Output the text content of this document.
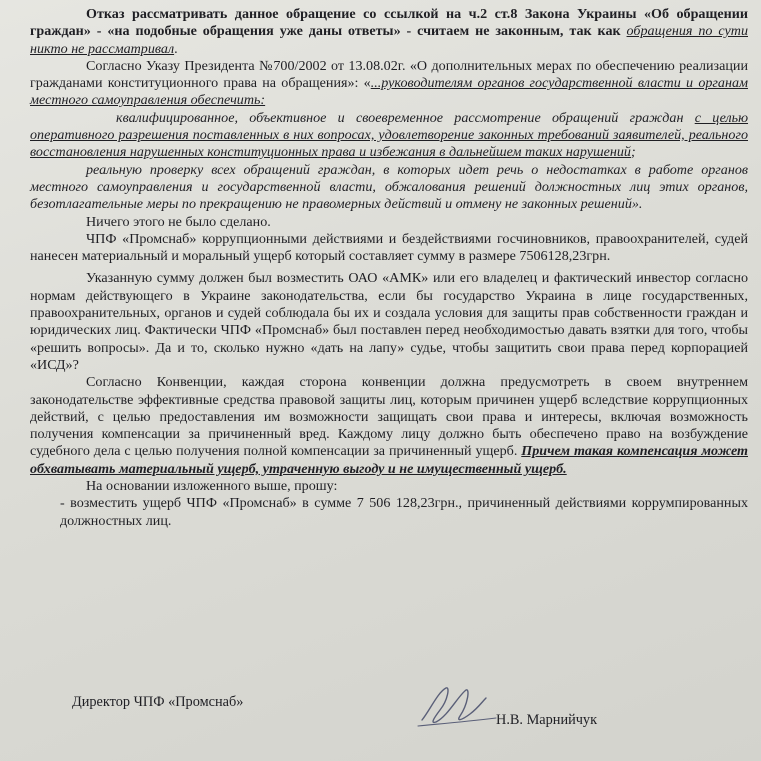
Отказ рассматривать данное обращение со ссылкой на ч.2 ст.8 Закона Украины «Об обращении граждан» - «на подобные обращения уже даны ответы» - считаем не законным, так как обращения по сути никто не рассматривал.

Согласно Указу Президента №700/2002 от 13.08.02г. «О дополнительных мерах по обеспечению реализации гражданами конституционного права на обращения»: «...руководителям органов государственной власти и органам местного самоуправления обеспечить:

квалифицированное, объективное и своевременное рассмотрение обращений граждан с целью оперативного разрешения поставленных в них вопросах, удовлетворение законных требований заявителей, реального восстановления нарушенных конституционных права и избежания в дальнейшем таких нарушений;

реальную проверку всех обращений граждан, в которых идет речь о недостатках в работе органов местного самоуправления и государственной власти, обжалования решений должностных лиц этих органов, безотлагательные меры по прекращению не правомерных действий и отмену не законных решений».

Ничего этого не было сделано.

ЧПФ «Промснаб» коррупционными действиями и бездействиями госчиновников, правоохранителей, судей нанесен материальный и моральный ущерб который составляет сумму в размере 7506128,23грн.

Указанную сумму должен был возместить ОАО «АМК» или его владелец и фактический инвестор согласно нормам действующего в Украине законодательства, если бы государство Украина в лице государственных, правоохранительных, органов и судей соблюдала бы их и создала условия для защиты прав собственности граждан и юридических лиц. Фактически ЧПФ «Промснаб» был поставлен перед необходимостью давать взятки для того, чтобы «решить вопросы». Да и то, сколько нужно «дать на лапу» судье, чтобы защитить свои права перед корпорацией «ИСД»?

Согласно Конвенции, каждая сторона конвенции должна предусмотреть в своем внутреннем законодательстве эффективные средства правовой защиты лиц, которым причинен ущерб вследствие коррупционных действий, с целью предоставления им возможности защищать свои права и интересы, включая возможность получения компенсации за причиненный вред. Каждому лицу должно быть обеспечено право на возбуждение судебного дела с целью получения полной компенсации за причиненный ущерб. Причем такая компенсация может обхватывать материальный ущерб, утраченную выгоду и не имущественный ущерб.

На основании изложенного выше, прошу:

- возместить ущерб ЧПФ «Промснаб» в сумме 7 506 128,23грн., причиненный действиями коррумпированных должностных лиц.

Директор ЧПФ «Промснаб»
Н.В. Марнийчук
